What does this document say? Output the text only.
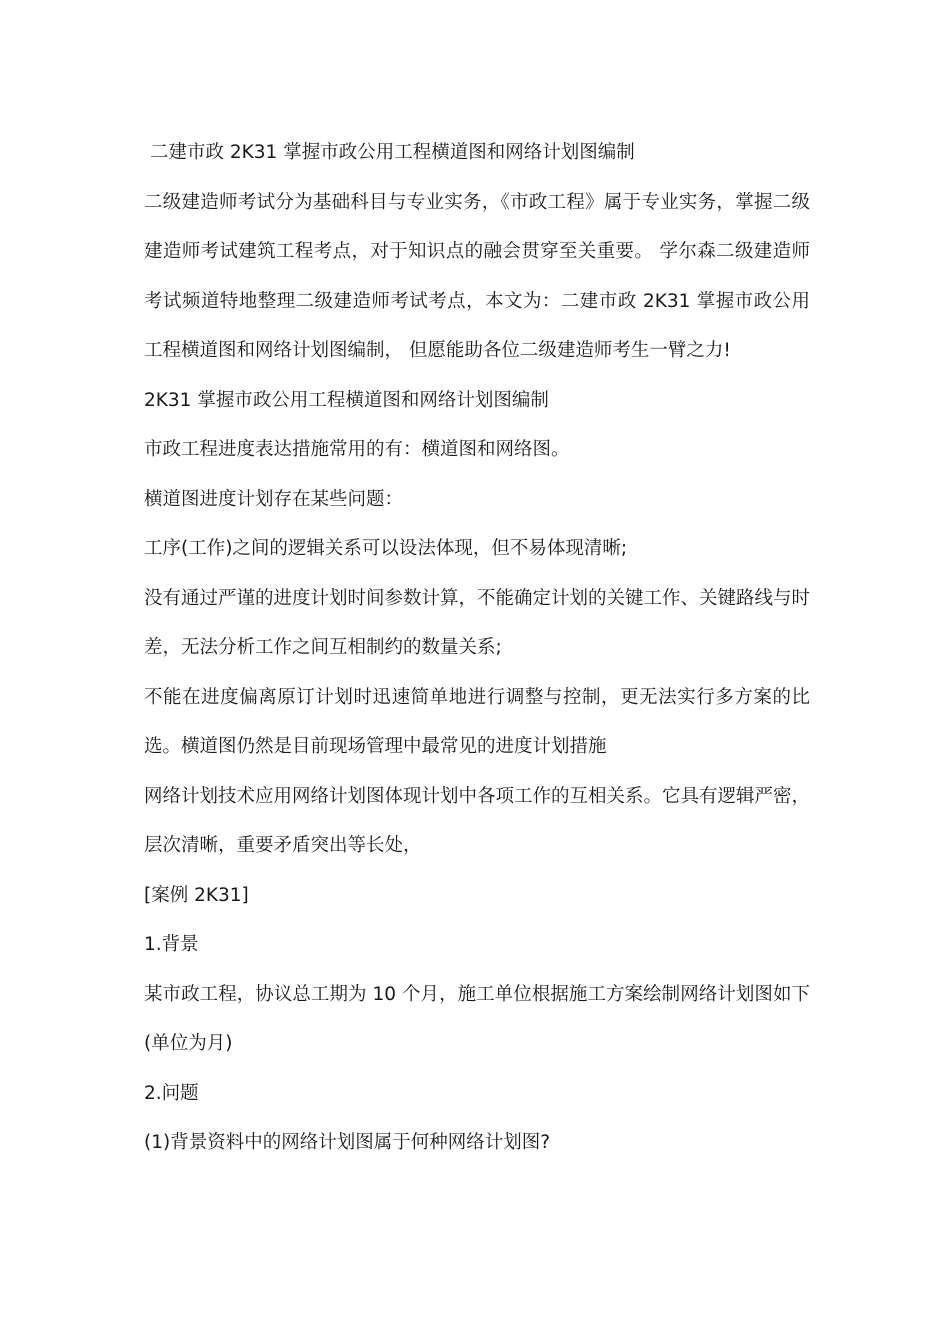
二建市政 2K31 掌握市政公用工程横道图和网络计划图编制

二级建造师考试分为基础科目与专业实务，《市政工程》属于专业实务，掌握二级建造师考试建筑工程考点，对于知识点的融会贯穿至关重要。 学尔森二级建造师考试频道特地整理二级建造师考试考点，本文为：二建市政 2K31 掌握市政公用工程横道图和网络计划图编制， 但愿能助各位二级建造师考生一臂之力!

2K31 掌握市政公用工程横道图和网络计划图编制

市政工程进度表达措施常用的有：横道图和网络图。

横道图进度计划存在某些问题：

工序(工作)之间的逻辑关系可以设法体现，但不易体现清晰;

没有通过严谨的进度计划时间参数计算，不能确定计划的关键工作、关键路线与时差，无法分析工作之间互相制约的数量关系;

不能在进度偏离原订计划时迅速简单地进行调整与控制，更无法实行多方案的比选。横道图仍然是目前现场管理中最常见的进度计划措施

网络计划技术应用网络计划图体现计划中各项工作的互相关系。它具有逻辑严密，层次清晰，重要矛盾突出等长处，

[案例 2K31]

1.背景

某市政工程，协议总工期为 10 个月，施工单位根据施工方案绘制网络计划图如下(单位为月)

2.问题

(1)背景资料中的网络计划图属于何种网络计划图?
